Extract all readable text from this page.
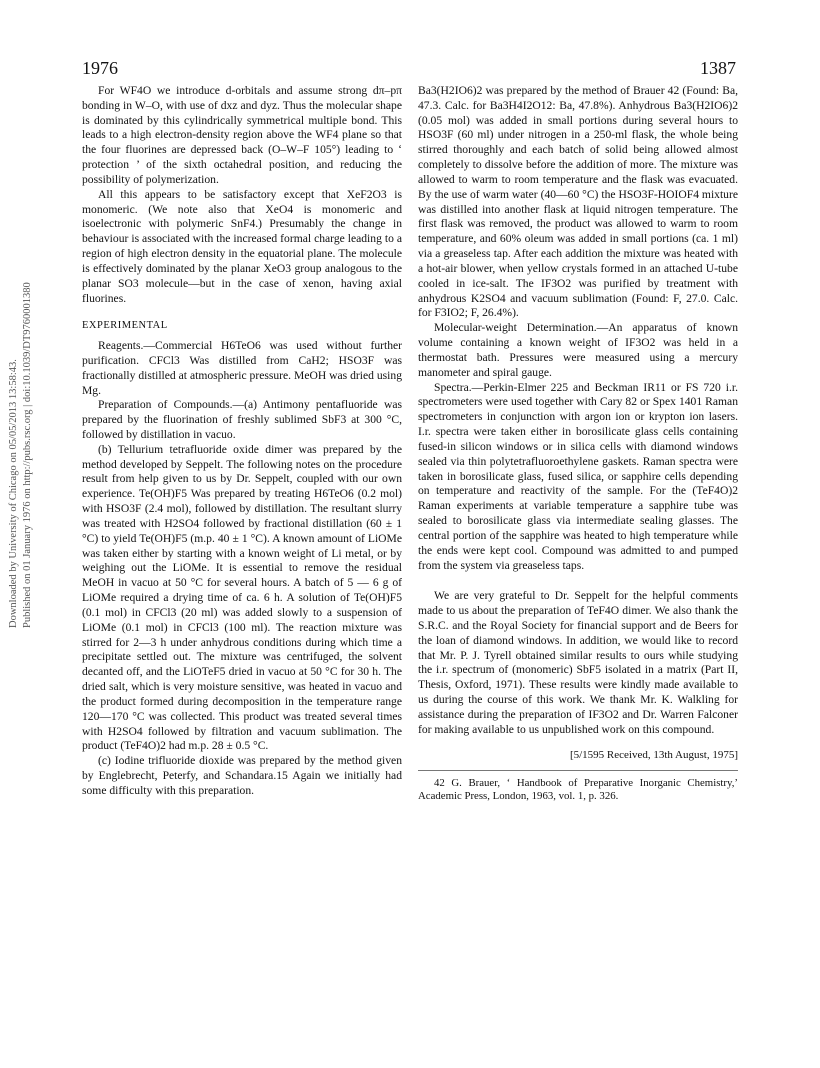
1976	1387
Downloaded by University of Chicago on 05/05/2013 13:58:43. Published on 01 January 1976 on http://pubs.rsc.org | doi:10.1039/DT9760001380

For WF4O we introduce d-orbitals and assume strong dπ–pπ bonding in W–O, with use of dxz and dyz. Thus the molecular shape is dominated by this cylindrically symmetrical multiple bond. This leads to a high electron-density region above the WF4 plane so that the four fluorines are depressed back (O–W–F 105°) leading to ‘ protection ’ of the sixth octahedral position, and reducing the possibility of polymerization.

All this appears to be satisfactory except that XeF2O3 is monomeric. (We note also that XeO4 is monomeric and isoelectronic with polymeric SnF4.) Presumably the change in behaviour is associated with the increased formal charge leading to a region of high electron density in the equatorial plane. The molecule is effectively dominated by the planar XeO3 group analogous to the planar SO3 molecule—but in the case of xenon, having axial fluorines.

EXPERIMENTAL

Reagents.—Commercial H6TeO6 was used without further purification. CFCl3 Was distilled from CaH2; HSO3F was fractionally distilled at atmospheric pressure. MeOH was dried using Mg.

Preparation of Compounds.—(a) Antimony pentafluoride was prepared by the fluorination of freshly sublimed SbF3 at 300 °C, followed by distillation in vacuo.

(b) Tellurium tetrafluoride oxide dimer was prepared by the method developed by Seppelt. The following notes on the procedure result from help given to us by Dr. Seppelt, coupled with our own experience. Te(OH)F5 Was prepared by treating H6TeO6 (0.2 mol) with HSO3F (2.4 mol), followed by distillation. The resultant slurry was treated with H2SO4 followed by fractional distillation (60 ± 1 °C) to yield Te(OH)F5 (m.p. 40 ± 1 °C). A known amount of LiOMe was taken either by starting with a known weight of Li metal, or by weighing out the LiOMe. It is essential to remove the residual MeOH in vacuo at 50 °C for several hours. A batch of 5 — 6 g of LiOMe required a drying time of ca. 6 h. A solution of Te(OH)F5 (0.1 mol) in CFCl3 (20 ml) was added slowly to a suspension of LiOMe (0.1 mol) in CFCl3 (100 ml). The reaction mixture was stirred for 2—3 h under anhydrous conditions during which time a precipitate settled out. The mixture was centrifuged, the solvent decanted off, and the LiOTeF5 dried in vacuo at 50 °C for 30 h. The dried salt, which is very moisture sensitive, was heated in vacuo and the product formed during decomposition in the temperature range 120—170 °C was collected. This product was treated several times with H2SO4 followed by filtration and vacuum sublimation. The product (TeF4O)2 had m.p. 28 ± 0.5 °C.

(c) Iodine trifluoride dioxide was prepared by the method given by Englebrecht, Peterfy, and Schandara.15 Again we initially had some difficulty with this preparation.

Ba3(H2IO6)2 was prepared by the method of Brauer 42 (Found: Ba, 47.3. Calc. for Ba3H4I2O12: Ba, 47.8%). Anhydrous Ba3(H2IO6)2 (0.05 mol) was added in small portions during several hours to HSO3F (60 ml) under nitrogen in a 250-ml flask, the whole being stirred thoroughly and each batch of solid being allowed almost completely to dissolve before the addition of more. The mixture was allowed to warm to room temperature and the flask was evacuated. By the use of warm water (40—60 °C) the HSO3F-HOIOF4 mixture was distilled into another flask at liquid nitrogen temperature. The first flask was removed, the product was allowed to warm to room temperature, and 60% oleum was added in small portions (ca. 1 ml) via a greaseless tap. After each addition the mixture was heated with a hot-air blower, when yellow crystals formed in an attached U-tube cooled in ice-salt. The IF3O2 was purified by treatment with anhydrous K2SO4 and vacuum sublimation (Found: F, 27.0. Calc. for F3IO2; F, 26.4%).

Molecular-weight Determination.—An apparatus of known volume containing a known weight of IF3O2 was held in a thermostat bath. Pressures were measured using a mercury manometer and spiral gauge.

Spectra.—Perkin-Elmer 225 and Beckman IR11 or FS 720 i.r. spectrometers were used together with Cary 82 or Spex 1401 Raman spectrometers in conjunction with argon ion or krypton ion lasers. I.r. spectra were taken either in borosilicate glass cells containing fused-in silicon windows or in silica cells with diamond windows sealed via thin polytetrafluoroethylene gaskets. Raman spectra were taken in borosilicate glass, fused silica, or sapphire cells depending on temperature and reactivity of the sample. For the (TeF4O)2 Raman experiments at variable temperature a sapphire tube was sealed to borosilicate glass via intermediate sealing glasses. The central portion of the sapphire was heated to high temperature while the ends were kept cool. Compound was admitted to and pumped from the system via greaseless taps.

We are very grateful to Dr. Seppelt for the helpful comments made to us about the preparation of TeF4O dimer. We also thank the S.R.C. and the Royal Society for financial support and de Beers for the loan of diamond windows. In addition, we would like to record that Mr. P. J. Tyrell obtained similar results to ours while studying the i.r. spectrum of (monomeric) SbF5 isolated in a matrix (Part II, Thesis, Oxford, 1971). These results were kindly made available to us during the course of this work. We thank Mr. K. Walkling for assistance during the preparation of IF3O2 and Dr. Warren Falconer for making available to us unpublished work on this compound.

[5/1595 Received, 13th August, 1975]

42 G. Brauer, ‘ Handbook of Preparative Inorganic Chemistry,’ Academic Press, London, 1963, vol. 1, p. 326.
